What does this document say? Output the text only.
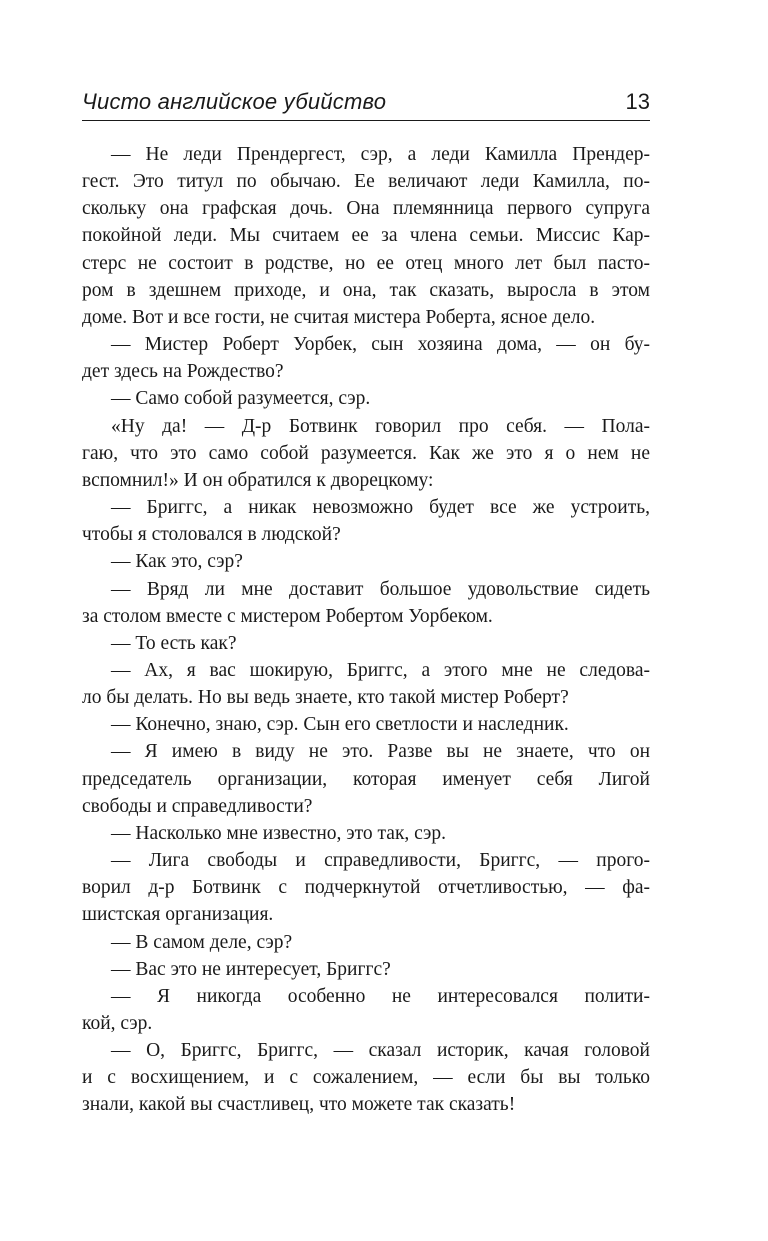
Чисто английское убийство	13

— Не леди Прендергест, сэр, а леди Камилла Прендер-
гест. Это титул по обычаю. Ее величают леди Камилла, по-
скольку она графская дочь. Она племянница первого супруга
покойной леди. Мы считаем ее за члена семьи. Миссис Кар-
стерс не состоит в родстве, но ее отец много лет был пасто-
ром в здешнем приходе, и она, так сказать, выросла в этом
доме. Вот и все гости, не считая мистера Роберта, ясное дело.

— Мистер Роберт Уорбек, сын хозяина дома, — он бу-
дет здесь на Рождество?

— Само собой разумеется, сэр.

«Ну да! — Д-р Ботвинк говорил про себя. — Пола-
гаю, что это само собой разумеется. Как же это я о нем не
вспомнил!» И он обратился к дворецкому:

— Бриггс, а никак невозможно будет все же устроить,
чтобы я столовался в людской?

— Как это, сэр?

— Вряд ли мне доставит большое удовольствие сидеть
за столом вместе с мистером Робертом Уорбеком.

— То есть как?

— Ах, я вас шокирую, Бриггс, а этого мне не следова-
ло бы делать. Но вы ведь знаете, кто такой мистер Роберт?

— Конечно, знаю, сэр. Сын его светлости и наследник.

— Я имею в виду не это. Разве вы не знаете, что он
председатель организации, которая именует себя Лигой
свободы и справедливости?

— Насколько мне известно, это так, сэр.

— Лига свободы и справедливости, Бриггс, — прого-
ворил д-р Ботвинк с подчеркнутой отчетливостью, — фа-
шистская организация.

— В самом деле, сэр?

— Вас это не интересует, Бриггс?

— Я никогда особенно не интересовался полити-
кой, сэр.

— О, Бриггс, Бриггс, — сказал историк, качая головой
и с восхищением, и с сожалением, — если бы вы только
знали, какой вы счастливец, что можете так сказать!
